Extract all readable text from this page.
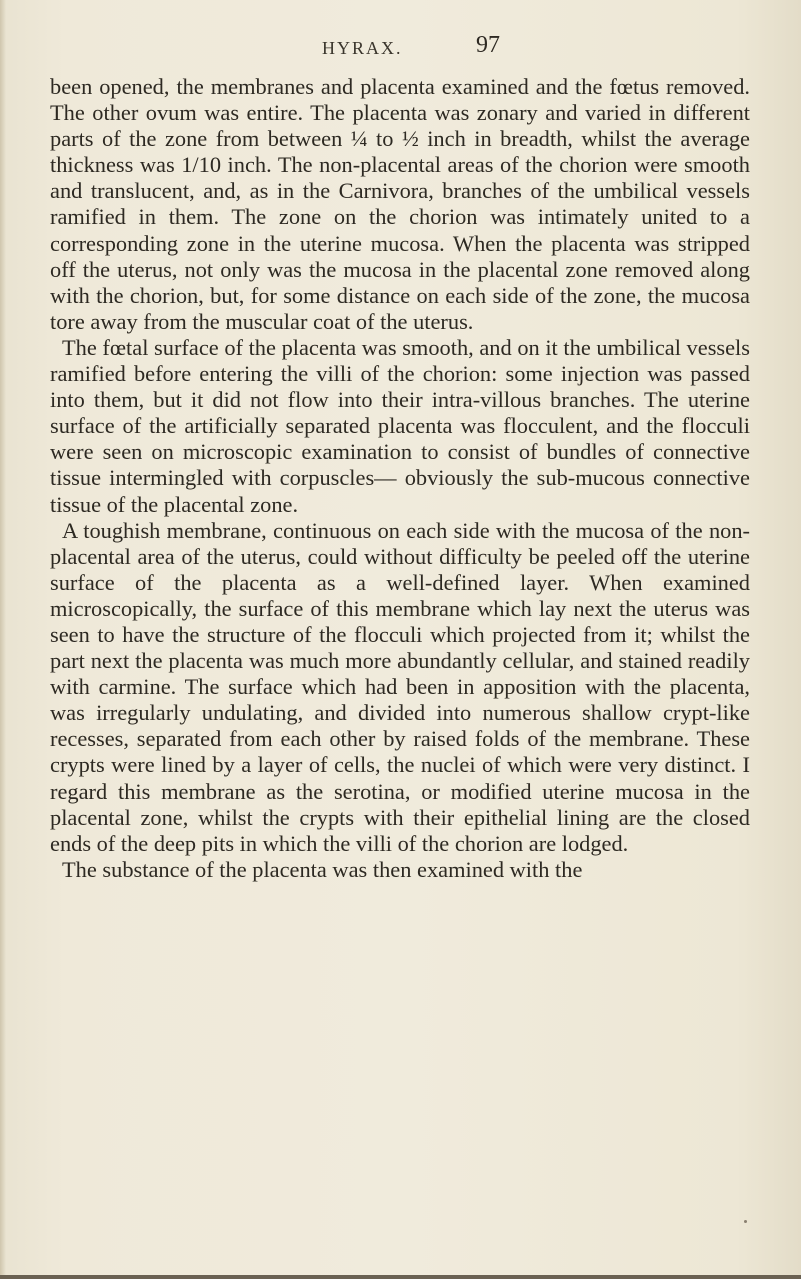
HYRAX.	97

been opened, the membranes and placenta examined and the fœtus removed. The other ovum was entire. The placenta was zonary and varied in different parts of the zone from between ¼ to ½ inch in breadth, whilst the average thickness was 1/10 inch. The non-placental areas of the chorion were smooth and translucent, and, as in the Carnivora, branches of the umbilical vessels ramified in them. The zone on the chorion was intimately united to a corresponding zone in the uterine mucosa. When the placenta was stripped off the uterus, not only was the mucosa in the placental zone removed along with the chorion, but, for some distance on each side of the zone, the mucosa tore away from the muscular coat of the uterus.

The fœtal surface of the placenta was smooth, and on it the umbilical vessels ramified before entering the villi of the chorion: some injection was passed into them, but it did not flow into their intra-villous branches. The uterine surface of the artificially separated placenta was flocculent, and the flocculi were seen on microscopic examination to consist of bundles of connective tissue intermingled with corpuscles— obviously the sub-mucous connective tissue of the placental zone.

A toughish membrane, continuous on each side with the mucosa of the non-placental area of the uterus, could without difficulty be peeled off the uterine surface of the placenta as a well-defined layer. When examined microscopically, the surface of this membrane which lay next the uterus was seen to have the structure of the flocculi which projected from it; whilst the part next the placenta was much more abundantly cellular, and stained readily with carmine. The surface which had been in apposition with the placenta, was irregularly undulating, and divided into numerous shallow crypt-like recesses, separated from each other by raised folds of the membrane. These crypts were lined by a layer of cells, the nuclei of which were very distinct. I regard this membrane as the serotina, or modified uterine mucosa in the placental zone, whilst the crypts with their epithelial lining are the closed ends of the deep pits in which the villi of the chorion are lodged.

The substance of the placenta was then examined with the
